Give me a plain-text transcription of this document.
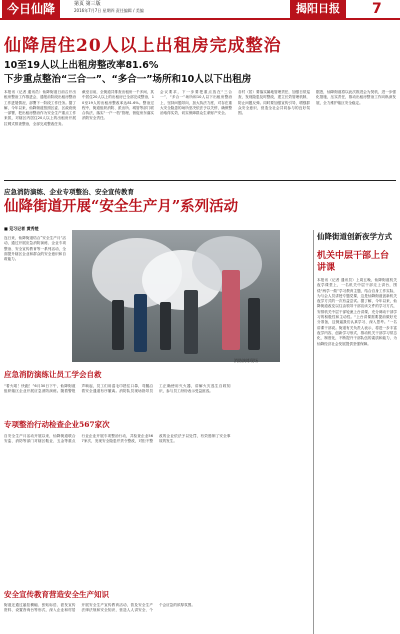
今日仙降	第页 第三版
2016年7月7日 星期四 责任编辑 / 美编	揭阳日报	7
仙降居住20人以上出租房完成整治
10至19人以上出租房整改率81.6%
下步重点整治“三合一”、“多合一”场所和10人以下出租房
本报讯（记者 通讯员）仙降街道日前召开出租房整治工作推进会，通报前阶段出租房整治工作进展情况，部署下一阶段工作任务。据了解，今年以来，仙降街道按照区委、区政府统一部署，把出租房整治作为安全生产重点工作来抓，对辖区内居住20人以上的出租房开展拉网式排查整治，全部完成整改任务。
截至目前，全街道共排查出租房一千多间，其中居住20人以上的出租房已全部完成整治，10至19人的出租房整改率达81.6%。整治过程中，街道组织消防、派出所、城管等部门联合执法，落实“一户一档”管理，督促房东落实消防安全责任。
会议要求，下一步要把重点放在“三合一”、“多合一”场所和10人以下出租房整治上，坚持问题导向，加大执法力度，对存在重大安全隐患的场所坚决依法予以关停，确保整治取得实效，切实保障群众生命财产安全。
各村（居）要落实属地管理责任，加强日常巡查，发现隐患及时整改，建立长效管理机制，防止问题反弹。同时要加强宣传引导，增强群众安全意识，营造全社会共同参与的良好氛围。
据悉，仙降街道将以此次推进会为契机，进一步强化措施，压实责任，推动出租房整治工作向纵深发展，全力维护辖区安全稳定。
应急消防演练、企业专项整治、安全宣传教育
仙降街道开展“安全生产月”系列活动
■ 见习记者 黄秀楚
连日来，仙降街道结合“安全生产月”活动，通过开展应急消防演练、企业专项整治、安全宣传教育等一系列活动，全面提升辖区企业和群众的安全意识和自救能力。
消防演练现场
应急消防演练让员工学会自救
“着火啦！快跑！”6月30日下午，仙降街道组织辖区企业开展应急消防演练。随着警报声响起，员工们用湿毛巾捂住口鼻，弯腰沿着安全通道有序撤离。消防队员现场指导员工正确使用灭火器，讲解火灾逃生自救知识，参与员工纷纷表示受益匪浅。
专项整治行动检查企业567家次
自安全生产月活动开展以来，仙降街道联合安监、消防等部门对辖区鞋业、五金等重点行业企业开展专项整治行动，共检查企业567家次，发现安全隐患并责令整改，对拒不整改的企业依法予以处罚，有效遏制了安全事故的发生。
安全宣传教育营造安全生产知识
街道还通过悬挂横幅、张贴标语、派发宣传资料、设置咨询台等形式，深入企业和村居开展安全生产宣传教育活动，普及安全生产法律法规和安全知识，营造人人讲安全、个个会应急的浓厚氛围。
仙降街道创新夜学方式
机关中层干部上台讲课
本报讯（记者 通讯员）上周五晚，仙降街道机关夜学课堂上，一名机关中层干部走上讲台，围绕“两学一做”学习教育主题，结合自身工作实际，为与会人员讲授专题党课，这是仙降街道创新机关夜学方式的一次有益尝试。据了解，今年以来，仙降街道改变以往由领导干部宣读文件的学习方式，安排机关中层干部轮流上台讲课，充分调动干部学习的积极性和主动性。“上台讲课需要提前做好充分准备，这倒逼我们认真学习、深入思考。”一名讲课干部说。街道有关负责人表示，将进一步丰富夜学内容，创新学习形式，推动机关干部学习常态化、制度化，不断提升干部队伍的素质和能力，为仙降经济社会发展提供坚强保障。
